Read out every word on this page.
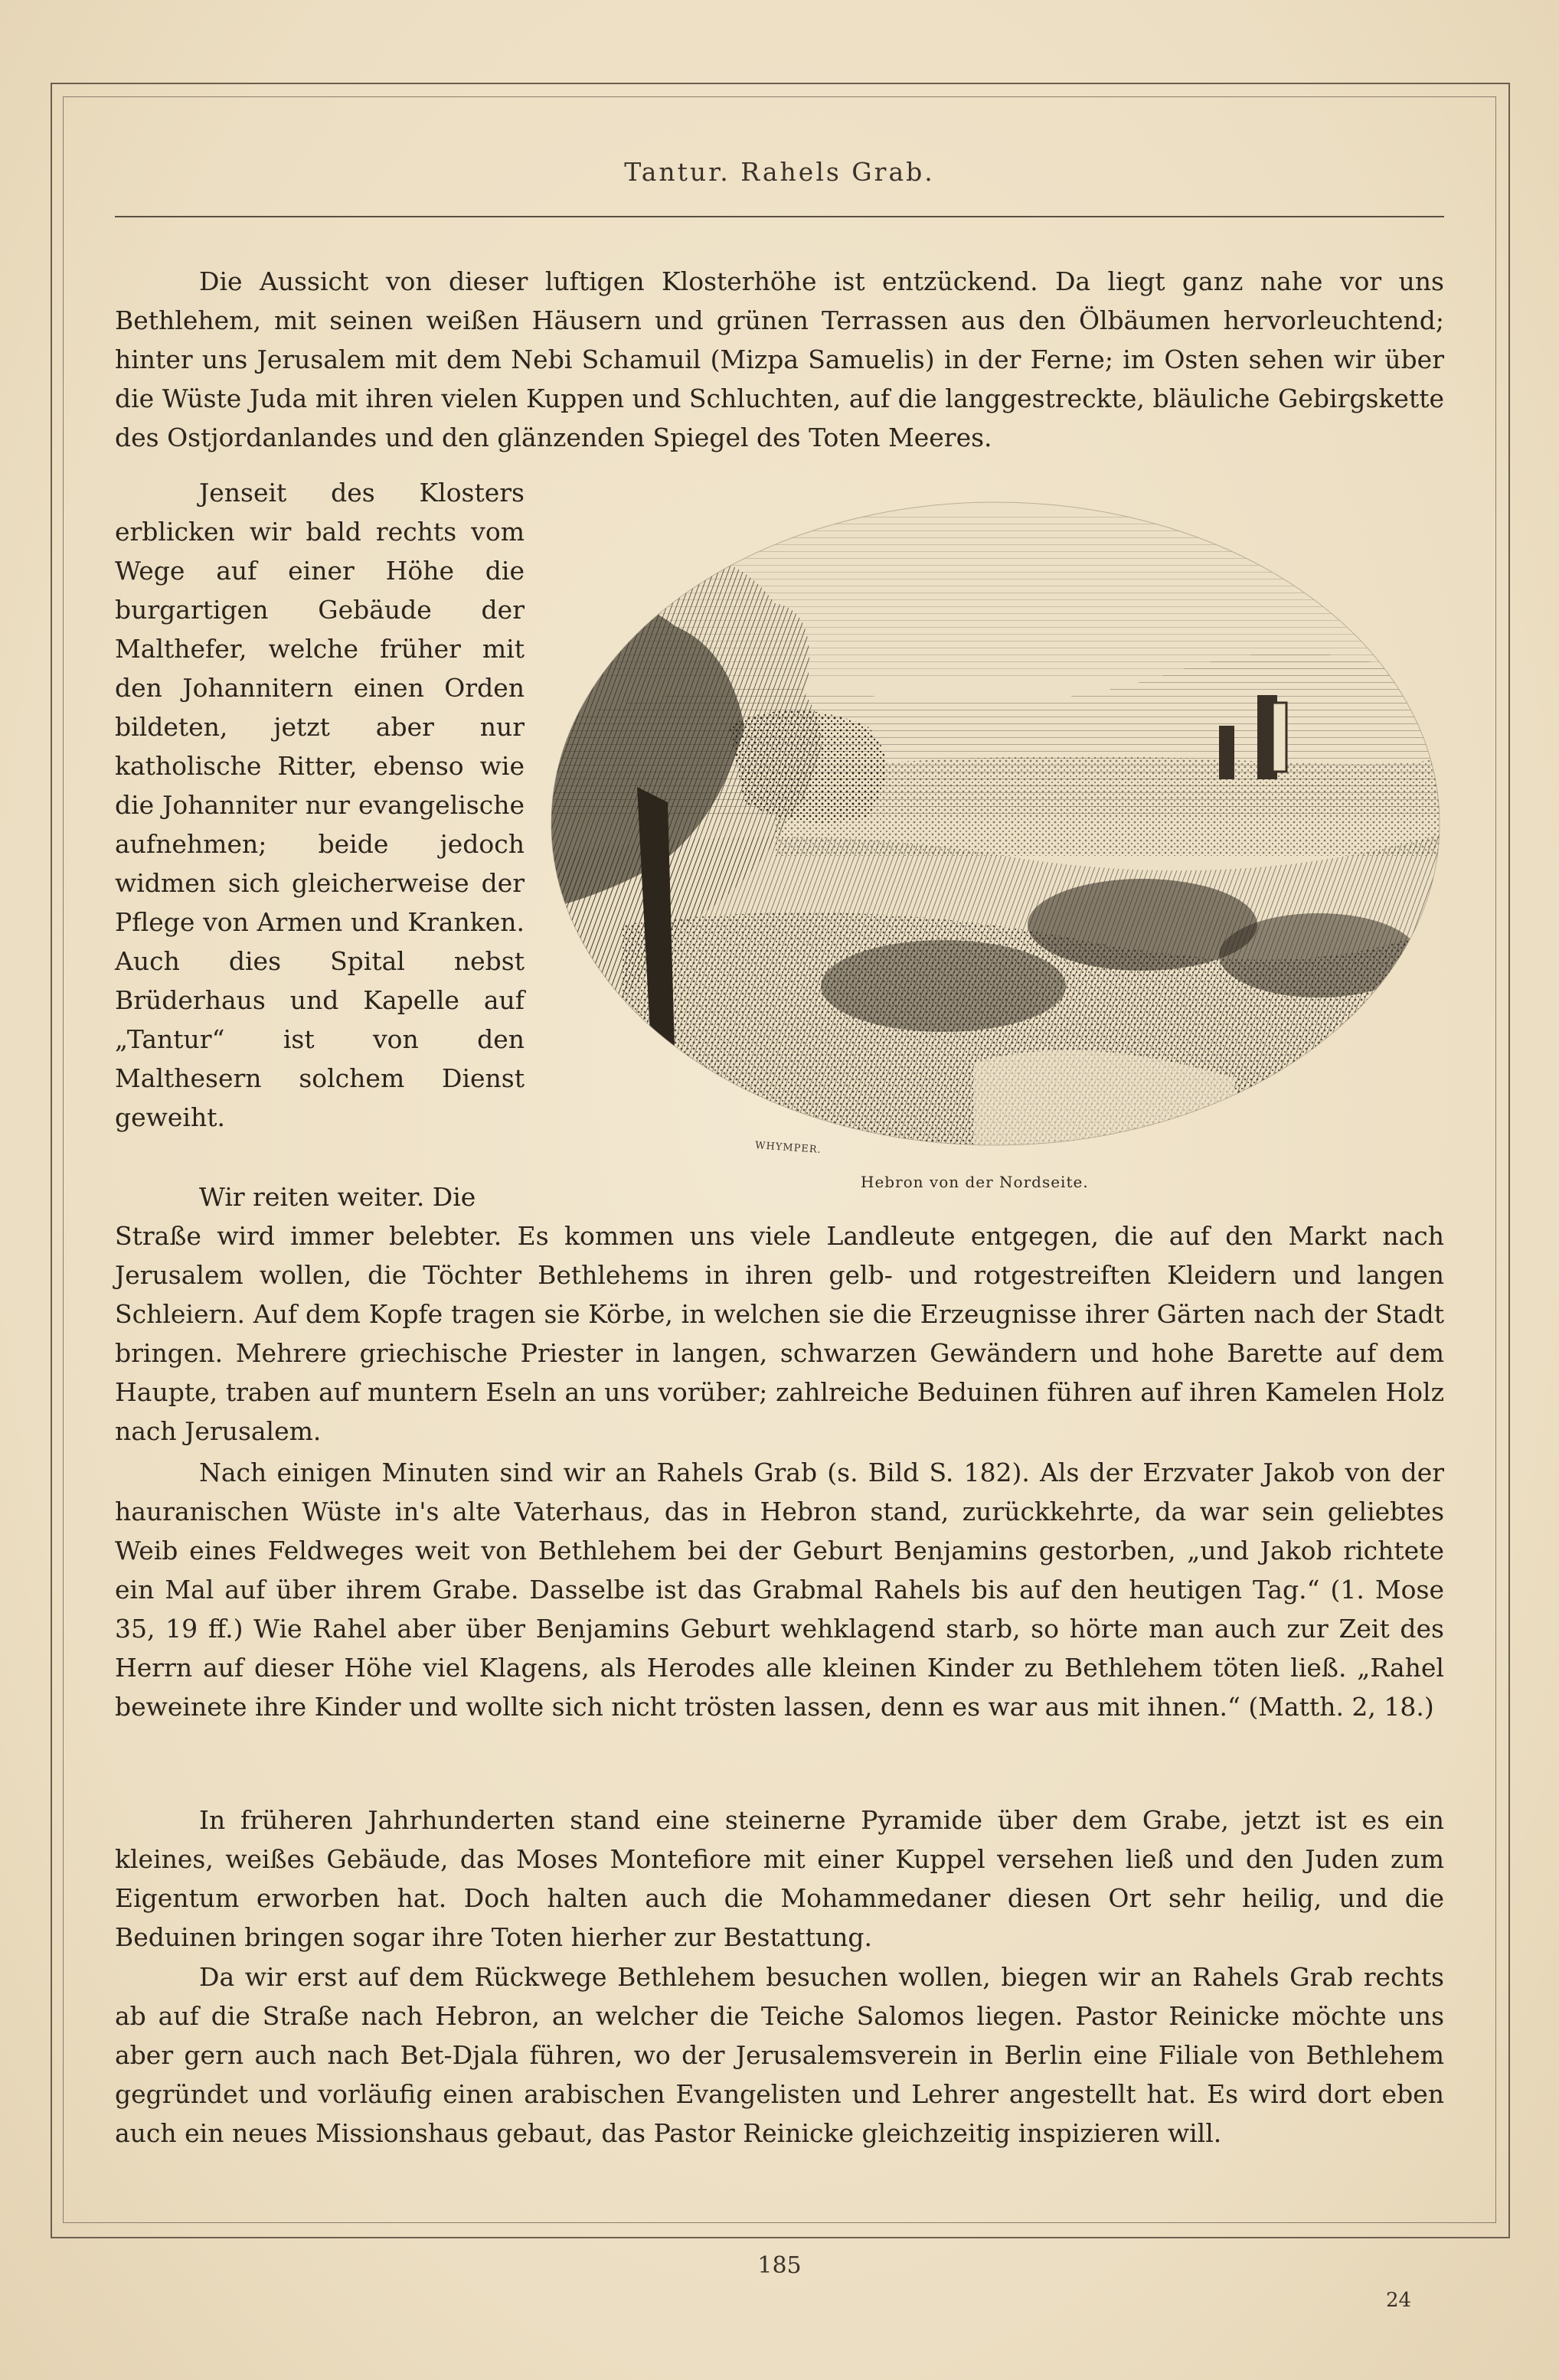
Tantur. Rahels Grab.

Die Aussicht von dieser luftigen Klosterhöhe ist entzückend. Da liegt ganz nahe vor uns Bethlehem, mit seinen weißen Häusern und grünen Terrassen aus den Ölbäumen hervorleuchtend; hinter uns Jerusalem mit dem Nebi Schamuil (Mizpa Samuelis) in der Ferne; im Osten sehen wir über die Wüste Juda mit ihren vielen Kuppen und Schluchten, auf die langgestreckte, bläuliche Gebirgskette des Ostjordanlandes und den glänzenden Spiegel des Toten Meeres.

Jenseit des Klosters erblicken wir bald rechts vom Wege auf einer Höhe die burgartigen Gebäude der Malthefer, welche früher mit den Johannitern einen Orden bildeten, jetzt aber nur katholische Ritter, ebenso wie die Johanniter nur evangelische aufnehmen; beide jedoch widmen sich gleicherweise der Pflege von Armen und Kranken. Auch dies Spital nebst Brüderhaus und Kapelle auf „Tantur“ ist von den Malthesern solchem Dienst geweiht.

Wir reiten weiter. Die

Straße wird immer belebter. Es kommen uns viele Landleute entgegen, die auf den Markt nach Jerusalem wollen, die Töchter Bethlehems in ihren gelb- und rotgestreiften Kleidern und langen Schleiern. Auf dem Kopfe tragen sie Körbe, in welchen sie die Erzeugnisse ihrer Gärten nach der Stadt bringen. Mehrere griechische Priester in langen, schwarzen Gewändern und hohe Barette auf dem Haupte, traben auf muntern Eseln an uns vorüber; zahlreiche Beduinen führen auf ihren Kamelen Holz nach Jerusalem.

Nach einigen Minuten sind wir an Rahels Grab (s. Bild S. 182). Als der Erzvater Jakob von der hauranischen Wüste in's alte Vaterhaus, das in Hebron stand, zurückkehrte, da war sein geliebtes Weib eines Feldweges weit von Bethlehem bei der Geburt Benjamins gestorben, „und Jakob richtete ein Mal auf über ihrem Grabe. Dasselbe ist das Grabmal Rahels bis auf den heutigen Tag.“ (1. Mose 35, 19 ff.) Wie Rahel aber über Benjamins Geburt wehklagend starb, so hörte man auch zur Zeit des Herrn auf dieser Höhe viel Klagens, als Herodes alle kleinen Kinder zu Bethlehem töten ließ. „Rahel beweinete ihre Kinder und wollte sich nicht trösten lassen, denn es war aus mit ihnen.“ (Matth. 2, 18.)

In früheren Jahrhunderten stand eine steinerne Pyramide über dem Grabe, jetzt ist es ein kleines, weißes Gebäude, das Moses Montefiore mit einer Kuppel versehen ließ und den Juden zum Eigentum erworben hat. Doch halten auch die Mohammedaner diesen Ort sehr heilig, und die Beduinen bringen sogar ihre Toten hierher zur Bestattung.

Da wir erst auf dem Rückwege Bethlehem besuchen wollen, biegen wir an Rahels Grab rechts ab auf die Straße nach Hebron, an welcher die Teiche Salomos liegen. Pastor Reinicke möchte uns aber gern auch nach Bet-Djala führen, wo der Jerusalemsverein in Berlin eine Filiale von Bethlehem gegründet und vorläufig einen arabischen Evangelisten und Lehrer angestellt hat. Es wird dort eben auch ein neues Missionshaus gebaut, das Pastor Reinicke gleichzeitig inspizieren will.

WHYMPER.
Hebron von der Nordseite.
185
24
